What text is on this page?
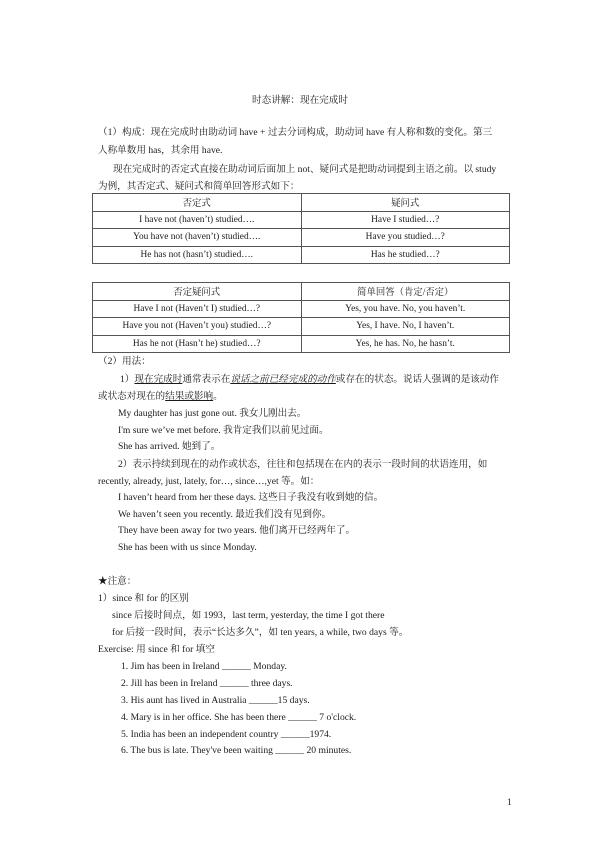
时态讲解：现在完成时
（1）构成：现在完成时由助动词 have + 过去分词构成，助动词 have 有人称和数的变化。第三
人称单数用 has，其余用 have.
现在完成时的否定式直接在助动词后面加上 not、疑问式是把助动词提到主语之前。以 study
为例，其否定式、疑问式和简单回答形式如下：
否定式	疑问式
I have not (haven’t) studied….	Have I studied…?
You have not (haven’t) studied….	Have you studied…?
He has not (hasn’t) studied….	Has he studied…?
否定疑问式	简单回答（肯定/否定）
Have I not (Haven’t I) studied…?	Yes, you have. No, you haven’t.
Have you not (Haven’t you) studied…?	Yes, I have. No, I haven’t.
Has he not (Hasn’t he) studied…?	Yes, he has. No, he hasn’t.
（2）用法：
1）现在完成时通常表示在说话之前已经完成的动作或存在的状态。说话人强调的是该动作
或状态对现在的结果或影响。
My daughter has just gone out. 我女儿刚出去。
I'm sure we’ve met before. 我肯定我们以前见过面。
She has arrived. 她到了。
2）表示持续到现在的动作或状态，往往和包括现在在内的表示一段时间的状语连用，如
recently, already, just, lately, for…, since…,yet 等。如：
I haven’t heard from her these days. 这些日子我没有收到她的信。
We haven’t seen you recently. 最近我们没有见到你。
They have been away for two years. 他们离开已经两年了。
She has been with us since Monday.
★注意：
1）since 和 for 的区别
since 后接时间点，如 1993，last term, yesterday, the time I got there
for 后接一段时间，表示“长达多久”，如 ten years, a while, two days 等。
Exercise: 用 since 和 for 填空
1. Jim has been in Ireland ______ Monday.
2. Jill has been in Ireland ______ three days.
3. His aunt has lived in Australia ______15 days.
4. Mary is in her office. She has been there ______ 7 o'clock.
5. India has been an independent country ______1974.
6. The bus is late. They've been waiting ______ 20 minutes.
1
